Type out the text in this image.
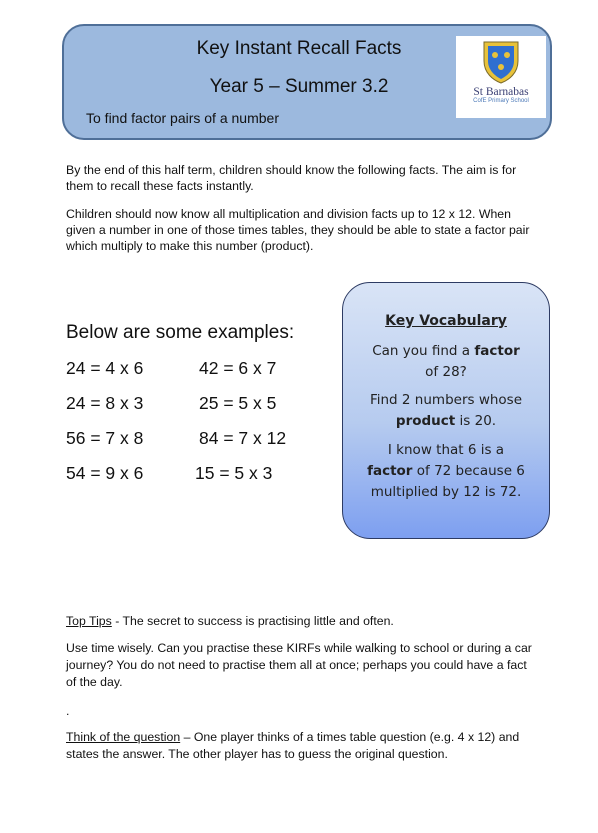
Key Instant Recall Facts
Year 5 – Summer 3.2
To find factor pairs of a number
St Barnabas
CofE Primary School
By the end of this half term, children should know the following facts. The aim is for them to recall these facts instantly.
Children should now know all multiplication and division facts up to 12 x 12. When given a number in one of those times tables, they should be able to state a factor pair which multiply to make this number (product).
Below are some examples:
24 = 4 x 6
24 = 8 x 3
56 = 7 x 8
54 = 9 x 6
42 = 6 x 7
25 = 5 x 5
84 = 7 x 12
15 = 5 x 3
Key Vocabulary
Can you find a factor
of 28?
Find 2 numbers whose
product is 20.
I know that 6 is a
factor of 72 because 6
multiplied by 12 is 72.
Top Tips - The secret to success is practising little and often.
Use time wisely. Can you practise these KIRFs while walking to school or during a car journey? You do not need to practise them all at once; perhaps you could have a fact of the day.
.
Think of the question – One player thinks of a times table question (e.g. 4 x 12) and states the answer. The other player has to guess the original question.
